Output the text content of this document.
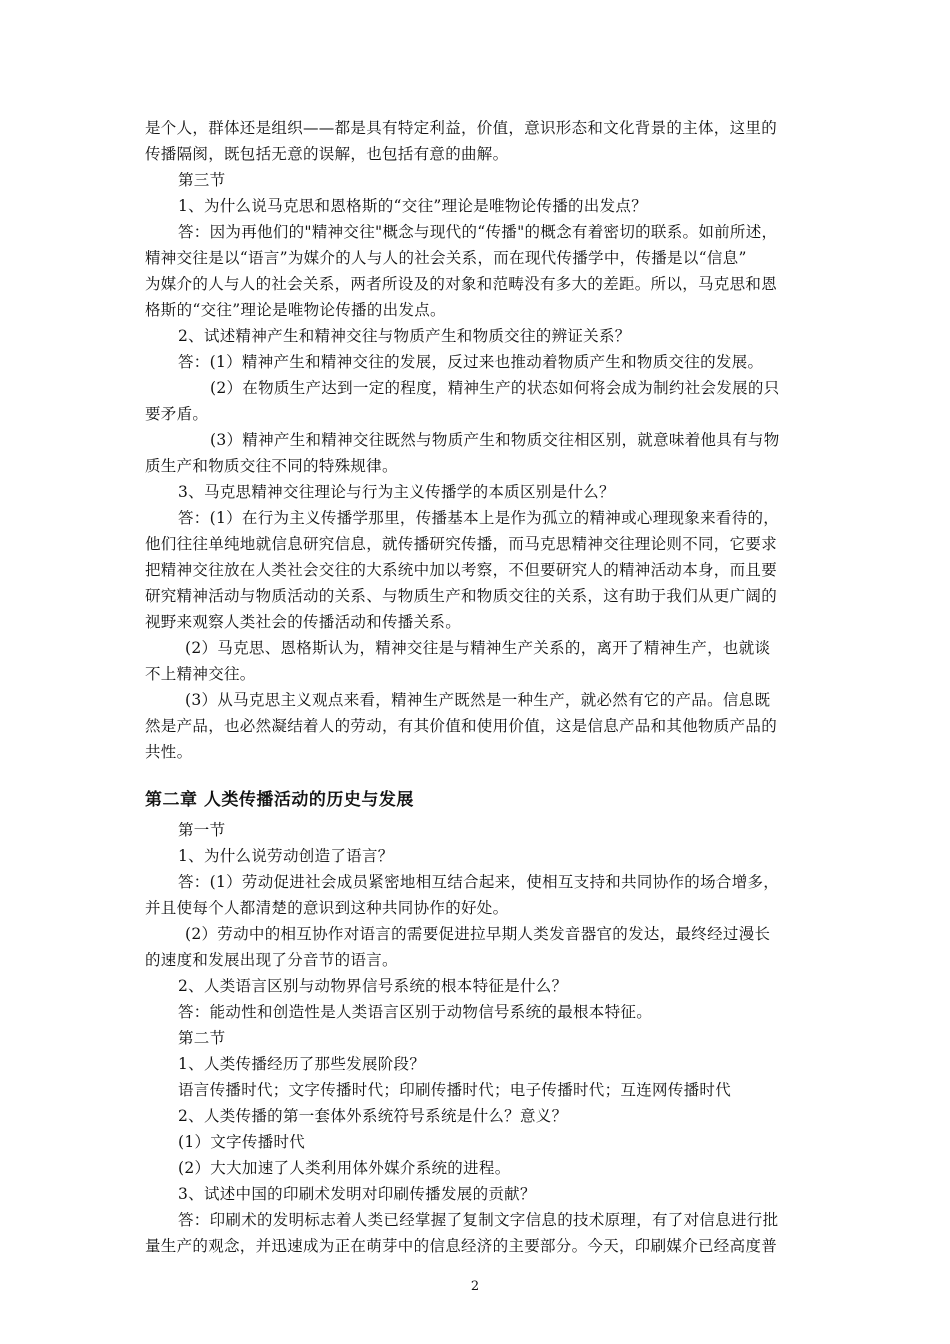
是个人，群体还是组织——都是具有特定利益，价值，意识形态和文化背景的主体，这里的
传播隔阂，既包括无意的误解，也包括有意的曲解。
第三节
1、为什么说马克思和恩格斯的“交往”理论是唯物论传播的出发点？
答：因为再他们的"精神交往"概念与现代的“传播"的概念有着密切的联系。如前所述，
精神交往是以“语言”为媒介的人与人的社会关系，而在现代传播学中，传播是以“信息”
为媒介的人与人的社会关系，两者所设及的对象和范畴没有多大的差距。所以，马克思和恩
格斯的“交往”理论是唯物论传播的出发点。
2、试述精神产生和精神交往与物质产生和物质交往的辨证关系？
答：(1）精神产生和精神交往的发展，反过来也推动着物质产生和物质交往的发展。
(2）在物质生产达到一定的程度，精神生产的状态如何将会成为制约社会发展的只
要矛盾。
(3）精神产生和精神交往既然与物质产生和物质交往相区别，就意味着他具有与物
质生产和物质交往不同的特殊规律。
3、马克思精神交往理论与行为主义传播学的本质区别是什么？
答：(1）在行为主义传播学那里，传播基本上是作为孤立的精神或心理现象来看待的，
他们往往单纯地就信息研究信息，就传播研究传播，而马克思精神交往理论则不同，它要求
把精神交往放在人类社会交往的大系统中加以考察，不但要研究人的精神活动本身，而且要
研究精神活动与物质活动的关系、与物质生产和物质交往的关系，这有助于我们从更广阔的
视野来观察人类社会的传播活动和传播关系。
(2）马克思、恩格斯认为，精神交往是与精神生产关系的，离开了精神生产，也就谈
不上精神交往。
(3）从马克思主义观点来看，精神生产既然是一种生产，就必然有它的产品。信息既
然是产品，也必然凝结着人的劳动，有其价值和使用价值，这是信息产品和其他物质产品的
共性。
第二章 人类传播活动的历史与发展
第一节
1、为什么说劳动创造了语言？
答：(1）劳动促进社会成员紧密地相互结合起来，使相互支持和共同协作的场合增多，
并且使每个人都清楚的意识到这种共同协作的好处。
(2）劳动中的相互协作对语言的需要促进拉早期人类发音器官的发达，最终经过漫长
的速度和发展出现了分音节的语言。
2、人类语言区别与动物界信号系统的根本特征是什么？
答：能动性和创造性是人类语言区别于动物信号系统的最根本特征。
第二节
1、人类传播经历了那些发展阶段？
语言传播时代；文字传播时代；印刷传播时代；电子传播时代；互连网传播时代
2、人类传播的第一套体外系统符号系统是什么？意义？
(1）文字传播时代
(2）大大加速了人类利用体外媒介系统的进程。
3、试述中国的印刷术发明对印刷传播发展的贡献？
答：印刷术的发明标志着人类已经掌握了复制文字信息的技术原理，有了对信息进行批
量生产的观念，并迅速成为正在萌芽中的信息经济的主要部分。今天，印刷媒介已经高度普
2
